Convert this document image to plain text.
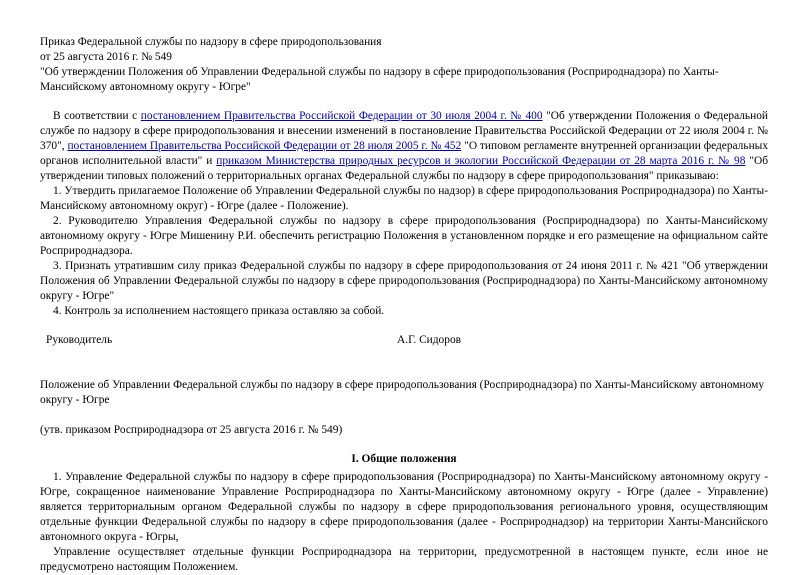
Приказ Федеральной службы по надзору в сфере природопользования
от 25 августа 2016 г. № 549

"Об утверждении Положения об Управлении Федеральной службы по надзору в сфере природопользования (Росприроднадзора) по Ханты-Мансийскому автономному округу - Югре"

В соответствии с постановлением Правительства Российской Федерации от 30 июля 2004 г. № 400 "Об утверждении Положения о Федеральной службе по надзору в сфере природопользования и внесении изменений в постановление Правительства Российской Федерации от 22 июля 2004 г. № 370", постановлением Правительства Российской Федерации от 28 июля 2005 г. № 452 "О типовом регламенте внутренней организации федеральных органов исполнительной власти" и приказом Министерства природных ресурсов и экологии Российской Федерации от 28 марта 2016 г. № 98 "Об утверждении типовых положений о территориальных органах Федеральной службы по надзору в сфере природопользования" приказываю:

1. Утвердить прилагаемое Положение об Управлении Федеральной службы по надзор) в сфере природопользования Росприроднадзора) по Ханты-Мансийскому автономному округ) - Югре (далее - Положение).

2. Руководителю Управления Федеральной службы по надзору в сфере природопользования (Росприроднадзора) по Ханты-Мансийскому автономному округу - Югре Мишенину Р.И. обеспечить регистрацию Положения в установленном порядке и его размещение на официальном сайте Росприроднадзора.

3. Признать утратившим силу приказ Федеральной службы по надзору в сфере природопользования от 24 июня 2011 г. № 421 "Об утверждении Положения об Управлении Федеральной службы по надзору в сфере природопользования (Росприроднадзора) по Ханты-Мансийскому автономному округу - Югре"

4. Контроль за исполнением настоящего приказа оставляю за собой.

Руководитель	А.Г. Сидоров

Положение об Управлении Федеральной службы по надзору в сфере природопользования (Росприроднадзора) по Ханты-Мансийскому автономному округу - Югре

(утв. приказом Росприроднадзора от 25 августа 2016 г. № 549)

I. Общие положения

1. Управление Федеральной службы по надзору в сфере природопользования (Росприроднадзора) по Ханты-Мансийскому автономному округу - Югре, сокращенное наименование Управление Росприроднадзора по Ханты-Мансийскому автономному округу - Югре (далее - Управление) является территориальным органом Федеральной службы по надзору в сфере природопользования регионального уровня, осуществляющим отдельные функции Федеральной службы по надзору в сфере природопользования (далее - Росприроднадзор) на территории Ханты-Мансийского автономного округа - Югры,

Управление осуществляет отдельные функции Росприроднадзора на территории, предусмотренной в настоящем пункте, если иное не предусмотрено настоящим Положением.
